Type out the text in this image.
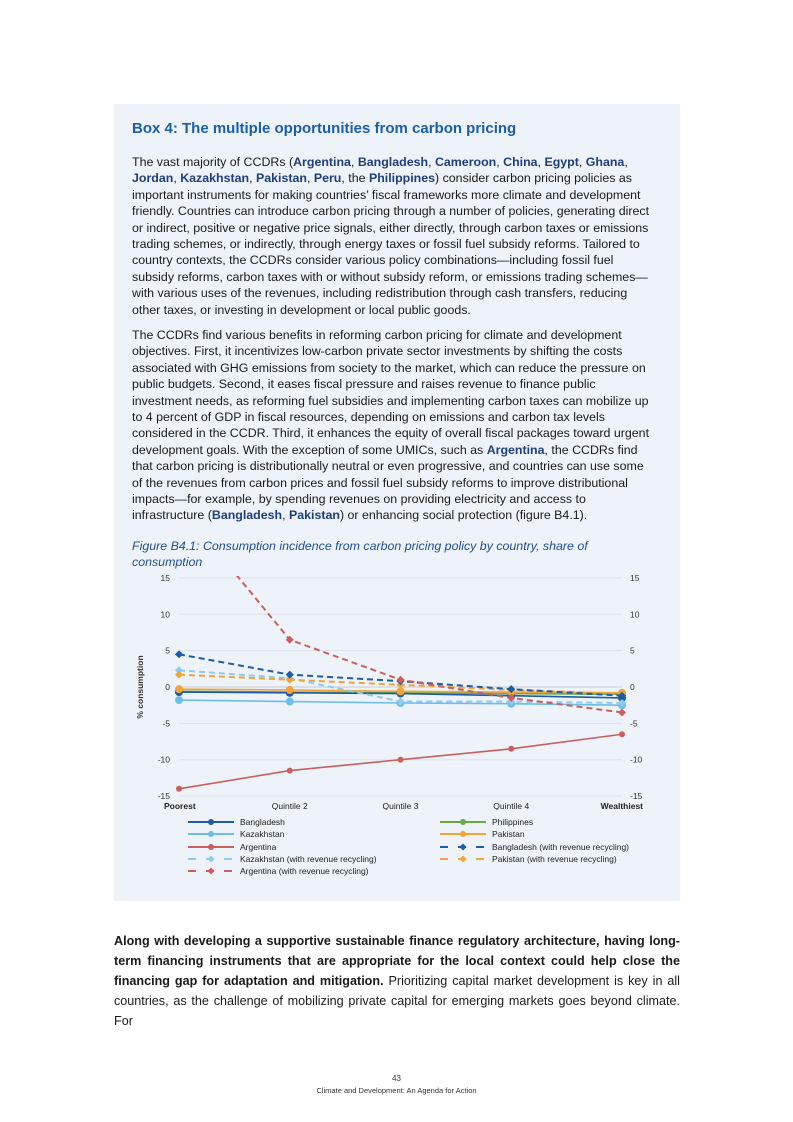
Box 4: The multiple opportunities from carbon pricing
The vast majority of CCDRs (Argentina, Bangladesh, Cameroon, China, Egypt, Ghana, Jordan, Kazakhstan, Pakistan, Peru, the Philippines) consider carbon pricing policies as important instruments for making countries’ fiscal frameworks more climate and development friendly. Countries can introduce carbon pricing through a number of policies, generating direct or indirect, positive or negative price signals, either directly, through carbon taxes or emissions trading schemes, or indirectly, through energy taxes or fossil fuel subsidy reforms. Tailored to country contexts, the CCDRs consider various policy combinations—including fossil fuel subsidy reforms, carbon taxes with or without subsidy reform, or emissions trading schemes—with various uses of the revenues, including redistribution through cash transfers, reducing other taxes, or investing in development or local public goods.
The CCDRs find various benefits in reforming carbon pricing for climate and development objectives. First, it incentivizes low-carbon private sector investments by shifting the costs associated with GHG emissions from society to the market, which can reduce the pressure on public budgets. Second, it eases fiscal pressure and raises revenue to finance public investment needs, as reforming fuel subsidies and implementing carbon taxes can mobilize up to 4 percent of GDP in fiscal resources, depending on emissions and carbon tax levels considered in the CCDR. Third, it enhances the equity of overall fiscal packages toward urgent development goals. With the exception of some UMICs, such as Argentina, the CCDRs find that carbon pricing is distributionally neutral or even progressive, and countries can use some of the revenues from carbon prices and fossil fuel subsidy reforms to improve distributional impacts—for example, by spending revenues on providing electricity and access to infrastructure (Bangladesh, Pakistan) or enhancing social protection (figure B4.1).
Figure B4.1: Consumption incidence from carbon pricing policy by country, share of consumption
15	15
10	10
5	5
0	0
-5	-5
-10	-10
-15	-15
Poorest	Quintile 2	Quintile 3	Quintile 4	Wealthiest
% consumption
Bangladesh
Kazakhstan
Argentina
Kazakhstan (with revenue recycling)
Argentina (with revenue recycling)
Philippines
Pakistan
Bangladesh (with revenue recycling)
Pakistan (with revenue recycling)
Along with developing a supportive sustainable finance regulatory architecture, having long-term financing instruments that are appropriate for the local context could help close the financing gap for adaptation and mitigation. Prioritizing capital market development is key in all countries, as the challenge of mobilizing private capital for emerging markets goes beyond climate. For
43
Climate and Development: An Agenda for Action
